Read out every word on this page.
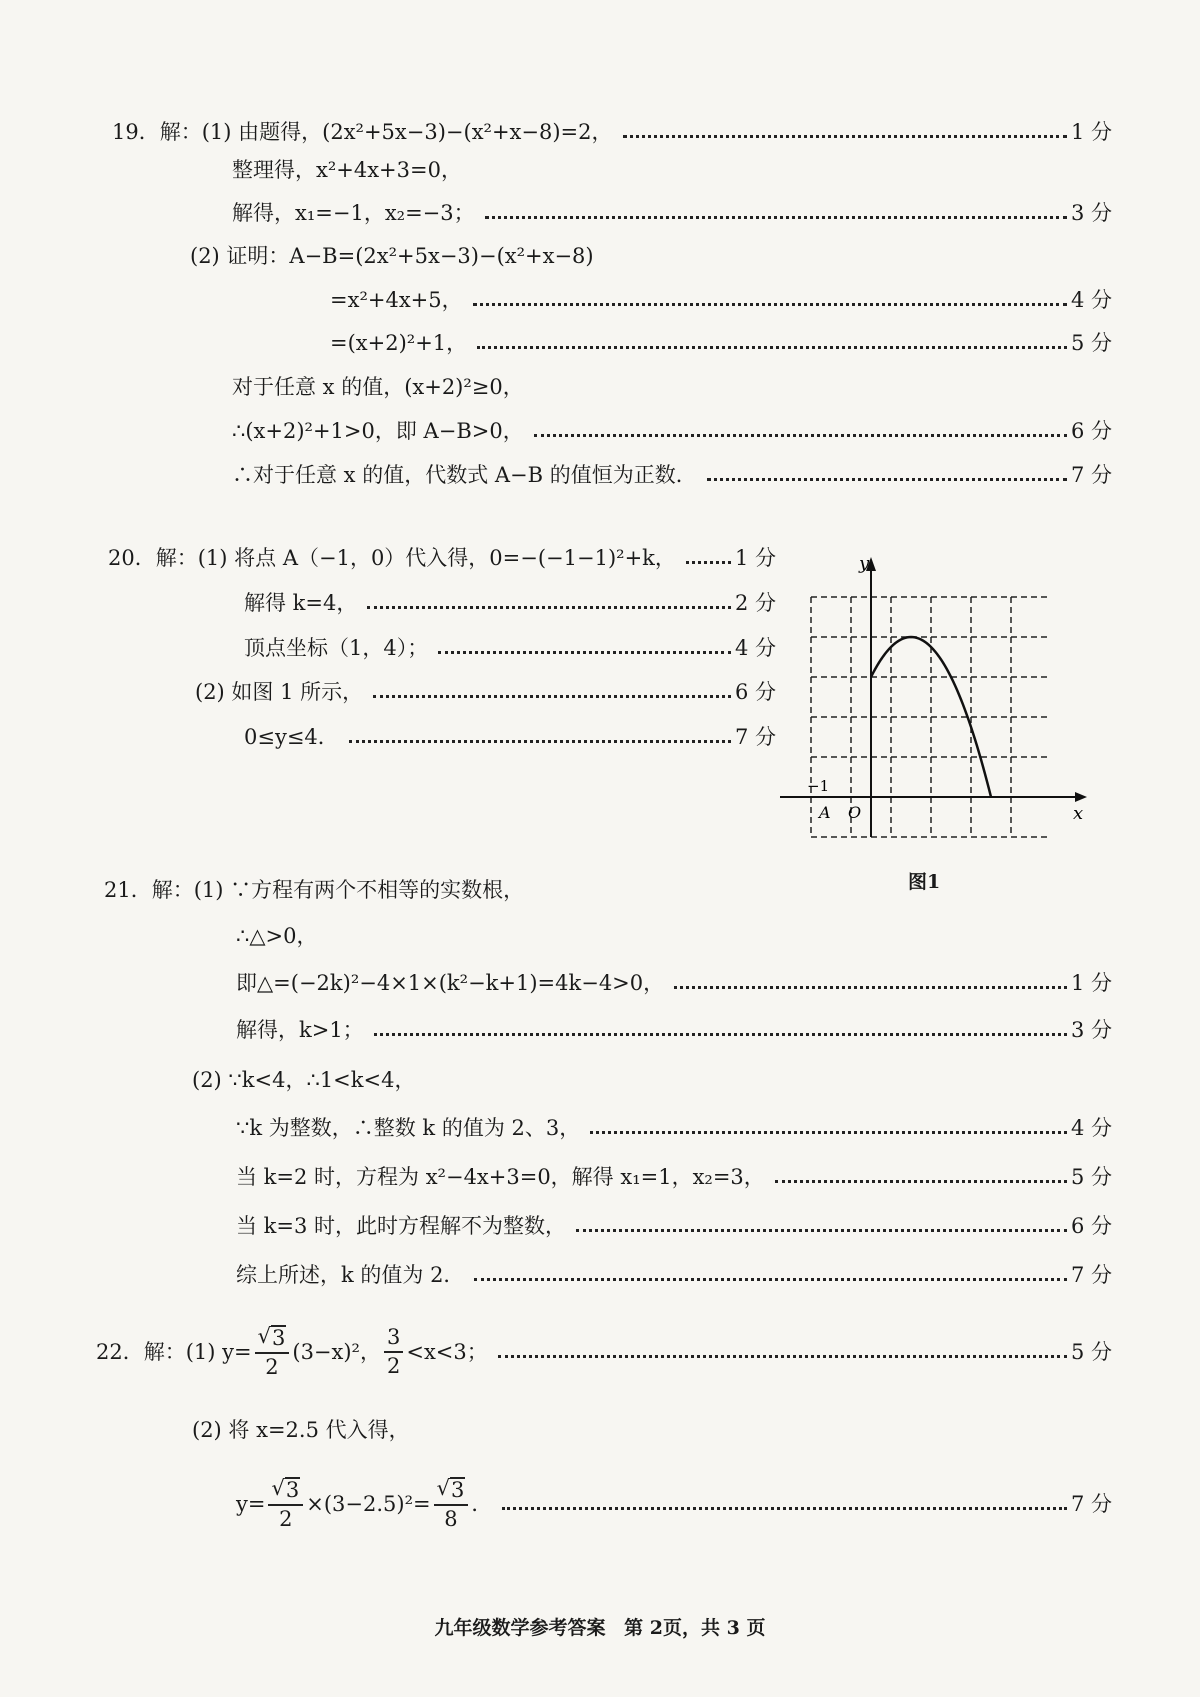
19．解：(1) 由题得，(2x²+5x−3)−(x²+x−8)=2，	1 分
整理得，x²+4x+3=0，
解得，x₁=−1，x₂=−3；	3 分
(2) 证明：A−B=(2x²+5x−3)−(x²+x−8)
=x²+4x+5，	4 分
=(x+2)²+1，	5 分
对于任意 x 的值，(x+2)²≥0，
∴(x+2)²+1>0，即 A−B>0，	6 分
∴对于任意 x 的值，代数式 A−B 的值恒为正数．	7 分
20．解：(1) 将点 A（−1，0）代入得，0=−(−1−1)²+k，	1 分
解得 k=4，	2 分
顶点坐标（1，4）；	4 分
(2) 如图 1 所示，	6 分
0≤y≤4．	7 分
y
x
O
A
−1
图1
21．解：(1) ∵方程有两个不相等的实数根，
∴△>0，
即△=(−2k)²−4×1×(k²−k+1)=4k−4>0，	1 分
解得，k>1；	3 分
(2) ∵k<4，∴1<k<4，
∵k 为整数，∴整数 k 的值为 2、3，	4 分
当 k=2 时，方程为 x²−4x+3=0，解得 x₁=1，x₂=3，	5 分
当 k=3 时，此时方程解不为整数，	6 分
综上所述，k 的值为 2．	7 分
22．解：(1) $y= \frac{√ 3}{2} (3-x)^2$， $\frac{3}{2} <x<3$；	5 分
(2) 将 x=2.5 代入得，
$y= \frac{√ 3}{2} \times(3-2.5)^2= \frac{√ 3}{8}$ ．	7 分
九年级数学参考答案 第 2页，共 3 页
